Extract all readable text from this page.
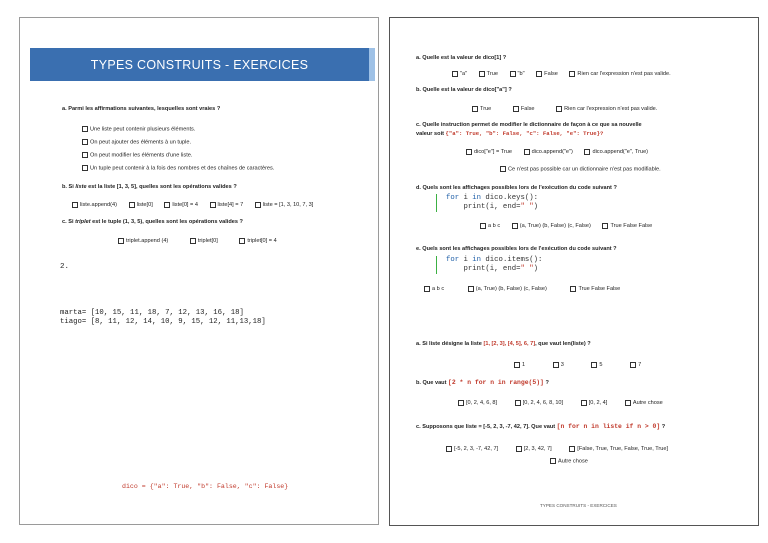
TYPES CONSTRUITS - EXERCICES
a. Parmi les affirmations suivantes, lesquelles sont vraies ?
Une liste peut contenir plusieurs éléments.
On peut ajouter des éléments à un tuple.
On peut modifier les éléments d'une liste.
Un tuple peut contenir à la fois des nombres et des chaînes de caractères.
b. Si liste est la liste [1, 3, 5], quelles sont les opérations valides ?
liste.append(4)	liste[0]	liste[0] = 4	liste[4] = 7	liste = [1, 3, 10, 7, 3]
c. Si triplet est le tuple (1, 3, 5), quelles sont les opérations valides ?
triplet.append (4)	triplet[0]	triplet[0] = 4
2.
marta= [10, 15, 11, 18, 7, 12, 13, 16, 18]
tiago= [8, 11, 12, 14, 10, 9, 15, 12, 11,13,18]
dico = {"a": True, "b": False, "c": False}
a. Quelle est la valeur de dico[1] ?
"a"	True	"b"	False	Rien car l'expression n'est pas valide.
b. Quelle est la valeur de dico["a"] ?
True	False	Rien car l'expression n'est pas valide.
c. Quelle instruction permet de modifier le dictionnaire de façon à ce que sa nouvelle
valeur soit {"a": True, "b": False, "c": False, "e": True}?
dico["e"] = True	dico.append("e")	dico.append("e", True)
Ce n'est pas possible car un dictionnaire n'est pas modifiable.
d. Quels sont les affichages possibles lors de l'exécution du code suivant ?
for i in dico.keys():
print(i, end=" ")
a b c	(a, True) (b, False) (c, False)	True False False
e. Quels sont les affichages possibles lors de l'exécution du code suivant ?
for i in dico.items():
print(i, end=" ")
a b c	(a, True) (b, False) (c, False)	True False False
a. Si liste désigne la liste [1, [2, 3], [4, 5], 6, 7], que vaut len(liste) ?
1	3	5	7
b. Que vaut [2 * n for n in range(5)] ?
[0, 2, 4, 6, 8]	[0, 2, 4, 6, 8, 10]	[0, 2, 4]	Autre chose
c. Supposons que liste = [-5, 2, 3, -7, 42, 7]. Que vaut [n for n in liste if n > 0] ?
[-5, 2, 3, -7, 42, 7]	[2, 3, 42, 7]	[False, True, True, False, True, True]
Autre chose
TYPES CONSTRUITS - EXERCICES
